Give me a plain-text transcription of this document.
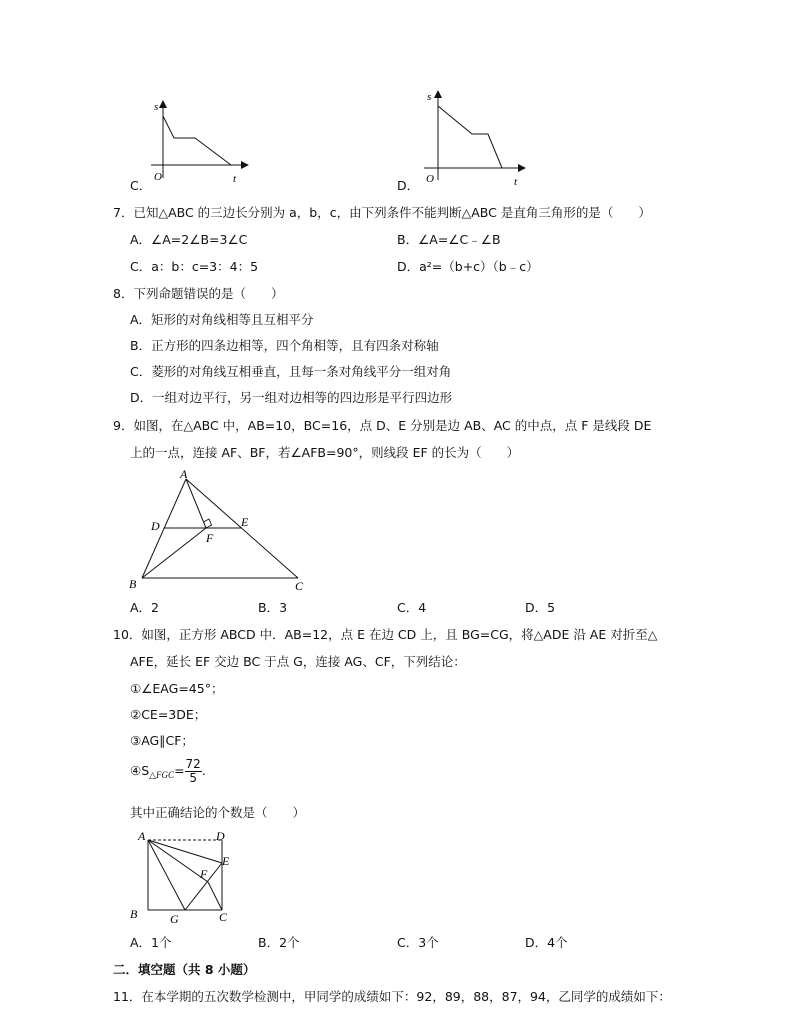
C．
s
O	t	D．
s
O	t
7．已知△ABC 的三边长分别为 a，b，c，由下列条件不能判断△ABC 是直角三角形的是（　　）
A．∠A=2∠B=3∠C	B．∠A=∠C﹣∠B
C．a：b：c=3：4：5	D．a²=（b+c）（b﹣c）
8．下列命题错误的是（　　）
A．矩形的对角线相等且互相平分
B．正方形的四条边相等，四个角相等，且有四条对称轴
C．菱形的对角线互相垂直，且每一条对角线平分一组对角
D．一组对边平行，另一组对边相等的四边形是平行四边形
9．如图，在△ABC 中，AB=10，BC=16，点 D、E 分别是边 AB、AC 的中点，点 F 是线段 DE
上的一点，连接 AF、BF，若∠AFB=90°，则线段 EF 的长为（　　）
A
B	C
D	E
F
A．2	B．3	C．4	D．5
10．如图，正方形 ABCD 中．AB=12，点 E 在边 CD 上，且 BG=CG，将△ADE 沿 AE 对折至△
AFE，延长 EF 交边 BC 于点 G，连接 AG、CF，下列结论：
①∠EAG=45°；
②CE=3DE；
③AG∥CF；
$④S_{\triangle FGC}= \frac{72}{5}$ .
其中正确结论的个数是（　　）
A
B	C
D
E
F
G
A．1个	B．2个	C．3个	D．4个
二．填空题（共 8 小题）
11．在本学期的五次数学检测中，甲同学的成绩如下：92，89，88，87，94，乙同学的成绩如下：
